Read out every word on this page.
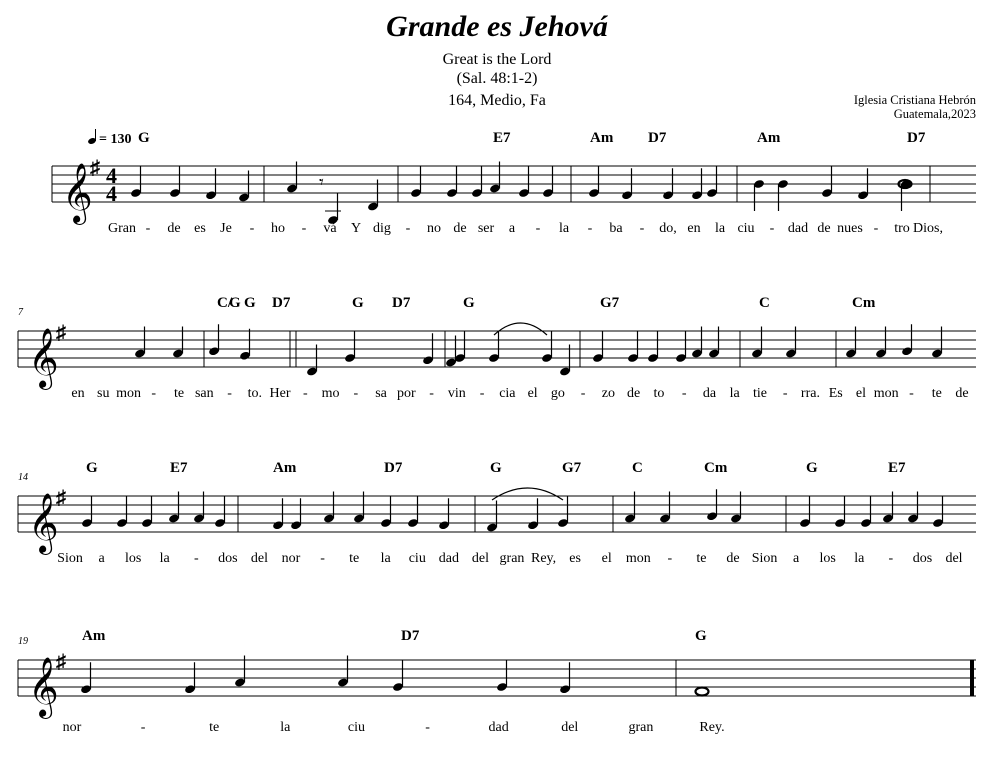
Grande es Jehová
Great is the Lord
(Sal. 48:1-2)
164, Medio, Fa	Iglesia Cristiana Hebrón
Guatemala,2023
= 130
𝄞
♯ 4
4	𝄾
G	E7	Am D7	Am	D7
Gran - de es Je - ho - vá Y dig - no de ser a - la - ba - do, en la ciu - dad de nues - tro Dios,
𝄞
♯
7
C/
G G D7	G D7	G	G7	C	Cm
en su mon - te san - to. Her - mo - sa por - vin - cia el go - zo de to - da la tie - rra. Es el mon - te de
𝄞
♯
14
G	E7	Am	D7	G	G7	C	Cm	G	E7
Sion a los la - dos del nor - te la ciu dad del gran Rey, es el mon - te de Sion a los la - dos del
𝄞
♯
19	Am	D7	G
nor	-	te	la	ciu	-	dad	del	gran	Rey.
